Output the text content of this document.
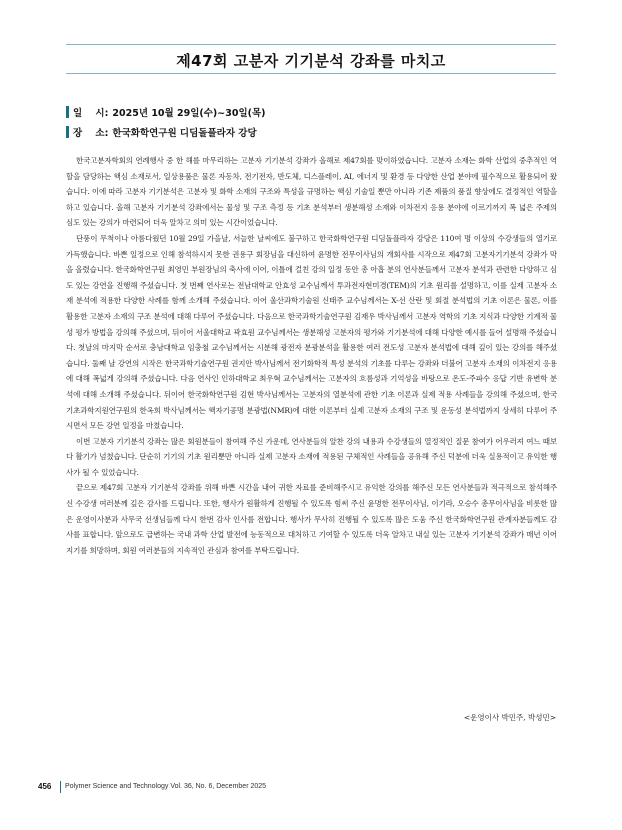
제47회 고분자 기기분석 강좌를 마치고
일    시: 2025년 10월 29일(수)~30일(목)
장    소: 한국화학연구원 디딤돌플라자 강당

한국고분자학회의 연례행사 중 한 해를 마무리하는 고분자 기기분석 강좌가 올해로 제47회를 맞이하였습니다. 고분자 소재는 화학 산업의 중추적인 역할을 담당하는 핵심 소재로서, 일상용품은 물론 자동차, 전기전자, 반도체, 디스플레이, AI, 에너지 및 환경 등 다양한 산업 분야에 필수적으로 활용되어 왔습니다. 이에 따라 고분자 기기분석은 고분자 및 화학 소재의 구조와 특성을 규명하는 핵심 기술일 뿐만 아니라 기존 제품의 품질 향상에도 결정적인 역할을 하고 있습니다. 올해 고분자 기기분석 강좌에서는 물성 및 구조 측정 등 기초 분석부터 생분해성 소재와 이차전지 응용 분야에 이르기까지 폭 넓은 주제의 심도 있는 강의가 마련되어 더욱 알차고 의미 있는 시간이었습니다.

단풍이 무척이나 아름다웠던 10월 29일 가을날, 서늘한 날씨에도 불구하고 한국화학연구원 디딤돌플라자 강당은 110여 명 이상의 수강생들의 열기로 가득했습니다. 바쁜 일정으로 인해 참석하시지 못한 권용구 회장님을 대신하여 윤명한 전무이사님의 개회사를 시작으로 제47회 고분자기기분석 강좌가 막을 올렸습니다. 한국화학연구원 최영민 부원장님의 축사에 이어, 이틀에 걸친 강의 일정 동안 총 아홉 분의 연사분들께서 고분자 분석과 관련한 다양하고 심도 있는 강연을 진행해 주셨습니다. 첫 번째 연사로는 전남대학교 안효성 교수님께서 투과전자현미경(TEM)의 기초 원리를 설명하고, 이를 실제 고분자 소재 분석에 적용한 다양한 사례를 함께 소개해 주셨습니다. 이어 울산과학기술원 신태주 교수님께서는 X-선 산란 및 회절 분석법의 기초 이론은 물론, 이를 활용한 고분자 소재의 구조 분석에 대해 다루어 주셨습니다. 다음으로 한국과학기술연구원 김재우 박사님께서 고분자 역학의 기초 지식과 다양한 기계적 물성 평가 방법을 강의해 주셨으며, 뒤이어 서울대학교 곽효원 교수님께서는 생분해성 고분자의 평가와 기기분석에 대해 다양한 예시를 들어 설명해 주셨습니다. 첫날의 마지막 순서로 충남대학교 임충철 교수님께서는 시분해 광전자 분광분석을 활용한 여러 전도성 고분자 분석법에 대해 깊이 있는 강의를 해주셨습니다. 둘째 날 강연의 시작은 한국과학기술연구원 권지안 박사님께서 전기화학적 특성 분석의 기초를 다루는 강좌와 더불어 고분자 소재의 이차전지 응용에 대해 폭넓게 강의해 주셨습니다. 다음 연사인 인하대학교 최우혁 교수님께서는 고분자의 흐름성과 기억성을 바탕으로 온도-주파수 응답 기반 유변학 분석에 대해 소개해 주셨습니다. 뒤이어 한국화학연구원 김현 박사님께서는 고분자의 열분석에 관한 기초 이론과 실제 적용 사례들을 강의해 주셨으며, 한국기초과학지원연구원의 한옥희 박사님께서는 핵자기공명 분광법(NMR)에 대한 이론부터 실제 고분자 소재의 구조 및 운동성 분석법까지 상세히 다루어 주시면서 모든 강연 일정을 마쳤습니다.

이번 고분자 기기분석 강좌는 많은 회원분들이 참여해 주신 가운데, 연사분들의 알찬 강의 내용과 수강생들의 열정적인 질문 참여가 어우러져 여느 때보다 활기가 넘쳤습니다. 단순히 기기의 기초 원리뿐만 아니라 실제 고분자 소재에 적용된 구체적인 사례들을 공유해 주신 덕분에 더욱 실용적이고 유익한 행사가 될 수 있었습니다.

끝으로 제47회 고분자 기기분석 강좌를 위해 바쁜 시간을 내어 귀한 자료를 준비해주시고 유익한 강의를 해주신 모든 연사분들과 적극적으로 참석해주신 수강생 여러분께 깊은 감사를 드립니다. 또한, 행사가 원활하게 진행될 수 있도록 힘써 주신 윤명한 전무이사님, 이기라, 오승수 총무이사님을 비롯한 많은 운영이사분과 사무국 선생님들께 다시 한번 감사 인사를 전합니다. 행사가 무사히 진행될 수 있도록 많은 도움 주신 한국화학연구원 관계자분들께도 감사를 표합니다. 앞으로도 급변하는 국내 과학 산업 발전에 능동적으로 대처하고 기여할 수 있도록 더욱 알차고 내실 있는 고분자 기기분석 강좌가 매년 이어지기를 희망하며, 회원 여러분들의 지속적인 관심과 참여를 부탁드립니다.

<운영이사 박민주, 박성민>
456 Polymer Science and Technology Vol. 36, No. 6, December 2025
